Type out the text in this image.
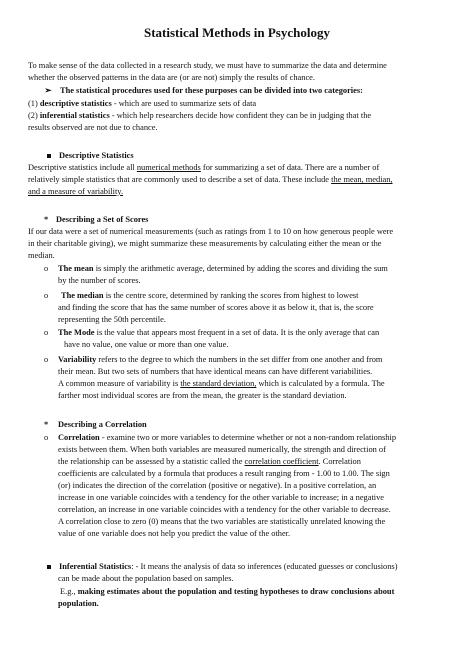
Statistical Methods in Psychology
To make sense of the data collected in a research study, we must have to summarize the data and determine
whether the observed patterns in the data are (or are not) simply the results of chance.
➢ The statistical procedures used for these purposes can be divided into two categories:
(1) descriptive statistics - which are used to summarize sets of data
(2) inferential statistics - which help researchers decide how confident they can be in judging that the
results observed are not due to chance.
Descriptive Statistics
Descriptive statistics include all numerical methods for summarizing a set of data. There are a number of
relatively simple statistics that are commonly used to describe a set of data. These include the mean, median,
and a measure of variability.
* Describing a Set of Scores
If our data were a set of numerical measurements (such as ratings from 1 to 10 on how generous people were
in their charitable giving), we might summarize these measurements by calculating either the mean or the
median.
o The mean is simply the arithmetic average, determined by adding the scores and dividing the sum
by the number of scores.
o The median is the centre score, determined by ranking the scores from highest to lowest
and finding the score that has the same number of scores above it as below it, that is, the score
representing the 50th percentile.
o The Mode is the value that appears most frequent in a set of data. It is the only average that can
have no value, one value or more than one value.
o Variability refers to the degree to which the numbers in the set differ from one another and from
their mean. But two sets of numbers that have identical means can have different variabilities.
A common measure of variability is the standard deviation, which is calculated by a formula. The
farther most individual scores are from the mean, the greater is the standard deviation.
* Describing a Correlation
o Correlation - examine two or more variables to determine whether or not a non-random relationship
exists between them. When both variables are measured numerically, the strength and direction of
the relationship can be assessed by a statistic called the correlation coefficient. Correlation
coefficients are calculated by a formula that produces a result ranging from - 1.00 to 1.00. The sign
(or) indicates the direction of the correlation (positive or negative). In a positive correlation, an
increase in one variable coincides with a tendency for the other variable to increase; in a negative
correlation, an increase in one variable coincides with a tendency for the other variable to decrease.
A correlation close to zero (0) means that the two variables are statistically unrelated knowing the
value of one variable does not help you predict the value of the other.
Inferential Statistics: - It means the analysis of data so inferences (educated guesses or conclusions)
can be made about the population based on samples.
E.g., making estimates about the population and testing hypotheses to draw conclusions about
population.
